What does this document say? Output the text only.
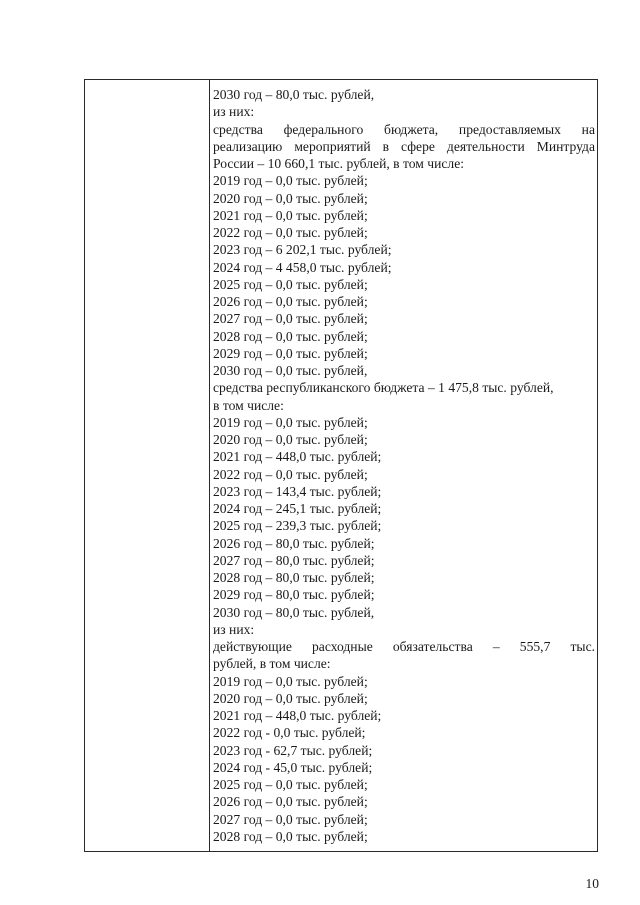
2030 год – 80,0 тыс. рублей,
из них:
средства федерального бюджета, предоставляемых на
реализацию мероприятий в сфере деятельности Минтруда
России – 10 660,1 тыс. рублей, в том числе:
2019 год – 0,0 тыс. рублей;
2020 год – 0,0 тыс. рублей;
2021 год – 0,0 тыс. рублей;
2022 год – 0,0 тыс. рублей;
2023 год – 6 202,1 тыс. рублей;
2024 год – 4 458,0 тыс. рублей;
2025 год – 0,0 тыс. рублей;
2026 год – 0,0 тыс. рублей;
2027 год – 0,0 тыс. рублей;
2028 год – 0,0 тыс. рублей;
2029 год – 0,0 тыс. рублей;
2030 год – 0,0 тыс. рублей,
средства республиканского бюджета – 1 475,8 тыс. рублей,
в том числе:
2019 год – 0,0 тыс. рублей;
2020 год – 0,0 тыс. рублей;
2021 год – 448,0 тыс. рублей;
2022 год – 0,0 тыс. рублей;
2023 год – 143,4 тыс. рублей;
2024 год – 245,1 тыс. рублей;
2025 год – 239,3 тыс. рублей;
2026 год – 80,0 тыс. рублей;
2027 год – 80,0 тыс. рублей;
2028 год – 80,0 тыс. рублей;
2029 год – 80,0 тыс. рублей;
2030 год – 80,0 тыс. рублей,
из них:
действующие расходные обязательства – 555,7 тыс.
рублей, в том числе:
2019 год – 0,0 тыс. рублей;
2020 год – 0,0 тыс. рублей;
2021 год – 448,0 тыс. рублей;
2022 год - 0,0 тыс. рублей;
2023 год - 62,7 тыс. рублей;
2024 год - 45,0 тыс. рублей;
2025 год – 0,0 тыс. рублей;
2026 год – 0,0 тыс. рублей;
2027 год – 0,0 тыс. рублей;
2028 год – 0,0 тыс. рублей;
10
